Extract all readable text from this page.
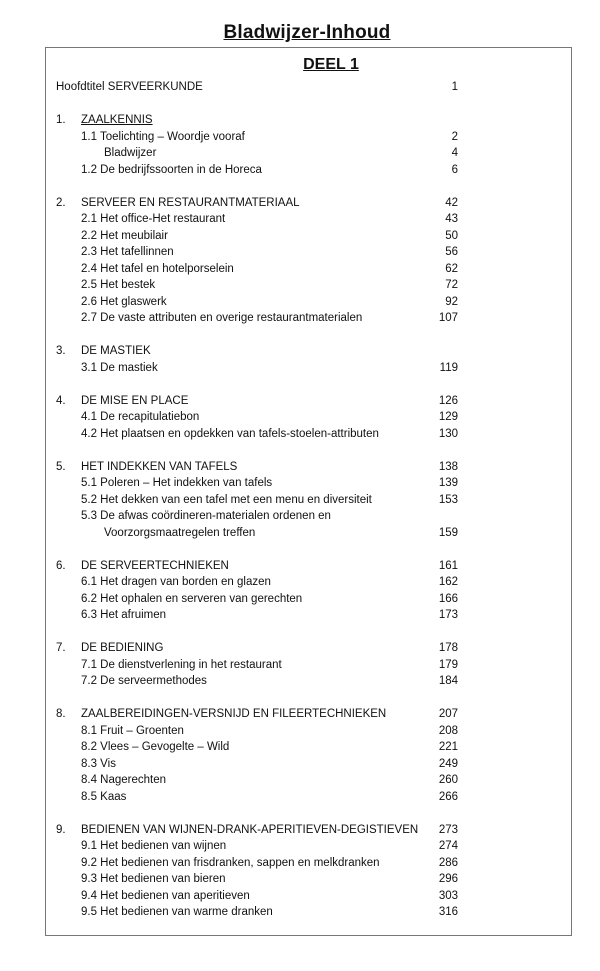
Bladwijzer-Inhoud
DEEL 1
Hoofdtitel SERVEERKUNDE	1
1. ZAALKENNIS
1.1 Toelichting – Woordje vooraf	2
Bladwijzer	4
1.2 De bedrijfssoorten in de Horeca	6
2. SERVEER EN RESTAURANTMATERIAAL	42
2.1 Het office-Het restaurant	43
2.2 Het meubilair	50
2.3 Het tafellinnen	56
2.4 Het tafel en hotelporselein	62
2.5 Het bestek	72
2.6 Het glaswerk	92
2.7 De vaste attributen en overige restaurantmaterialen	107
3. DE MASTIEK
3.1 De mastiek	119
4. DE MISE EN PLACE	126
4.1 De recapitulatiebon	129
4.2 Het plaatsen en opdekken van tafels-stoelen-attributen	130
5. HET INDEKKEN VAN TAFELS	138
5.1 Poleren – Het indekken van tafels	139
5.2 Het dekken van een tafel met een menu en diversiteit	153
5.3 De afwas coördineren-materialen ordenen en
Voorzorgsmaatregelen treffen	159
6. DE SERVEERTECHNIEKEN	161
6.1 Het dragen van borden en glazen	162
6.2 Het ophalen en serveren van gerechten	166
6.3 Het afruimen	173
7. DE BEDIENING	178
7.1 De dienstverlening in het restaurant	179
7.2 De serveermethodes	184
8. ZAALBEREIDINGEN-VERSNIJD EN FILEERTECHNIEKEN	207
8.1 Fruit – Groenten	208
8.2 Vlees – Gevogelte – Wild	221
8.3 Vis	249
8.4 Nagerechten	260
8.5 Kaas	266
9. BEDIENEN VAN WIJNEN-DRANK-APERITIEVEN-DEGISTIEVEN 273
9.1 Het bedienen van wijnen	274
9.2 Het bedienen van frisdranken, sappen en melkdranken	286
9.3 Het bedienen van bieren	296
9.4 Het bedienen van aperitieven	303
9.5 Het bedienen van warme dranken	316
